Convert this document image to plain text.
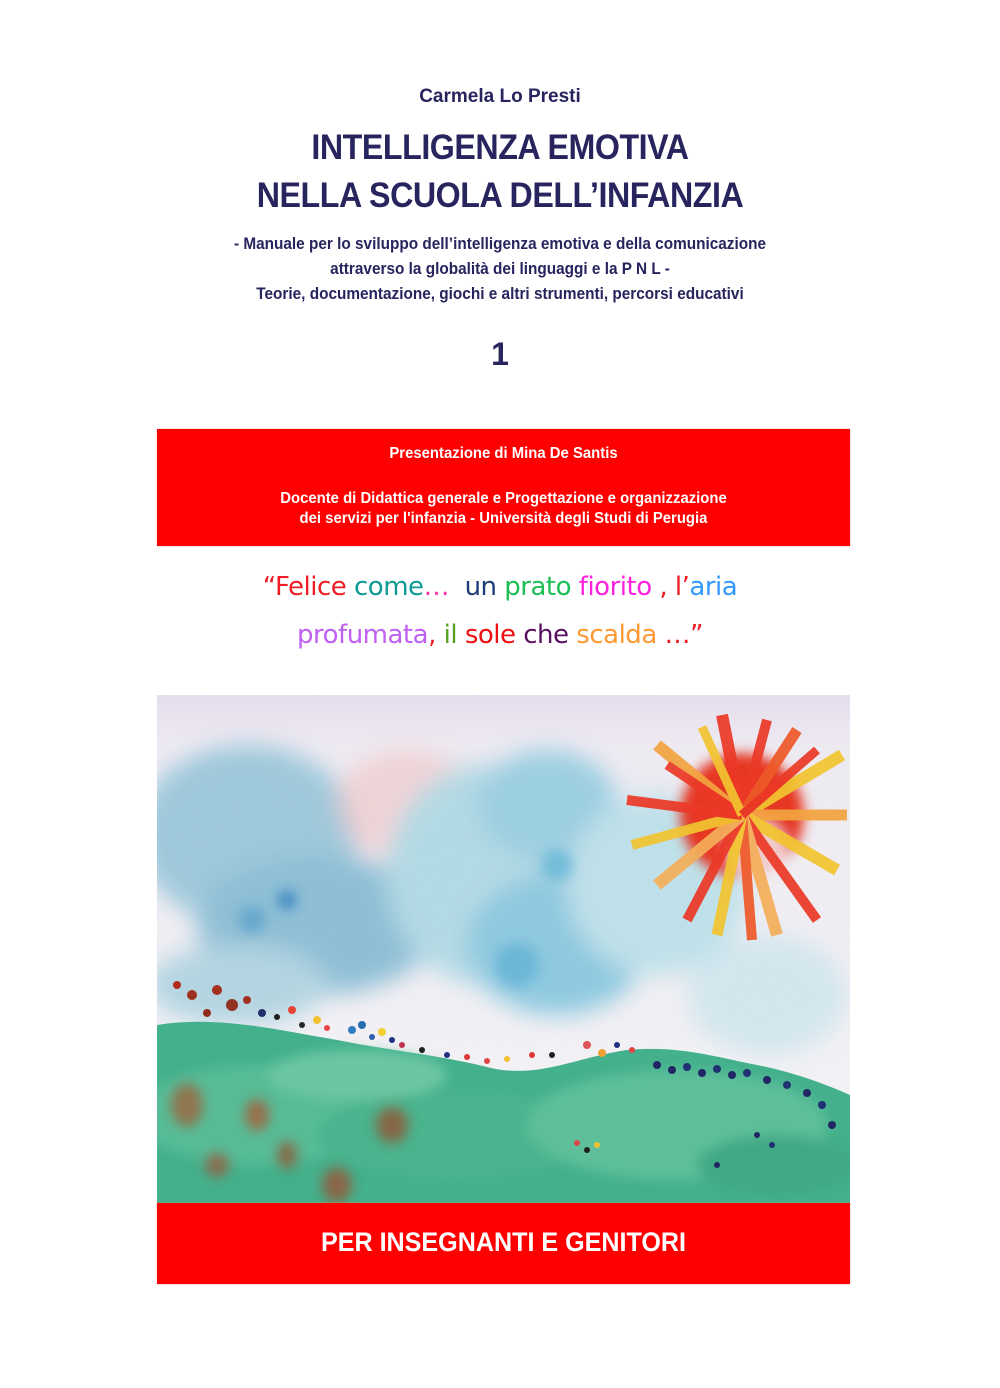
Carmela Lo Presti
INTELLIGENZA EMOTIVA
NELLA SCUOLA DELL’INFANZIA
- Manuale per lo sviluppo dell’intelligenza emotiva e della comunicazione
attraverso la globalità dei linguaggi e la P N L -
Teorie, documentazione, giochi e altri strumenti, percorsi educativi
1
Presentazione di Mina De Santis
Docente di Didattica generale e Progettazione e organizzazione
dei servizi per l'infanzia - Università degli Studi di Perugia
“Felice come…  un prato fiorito , l’aria
profumata, il sole che scalda …”
PER INSEGNANTI E GENITORI
